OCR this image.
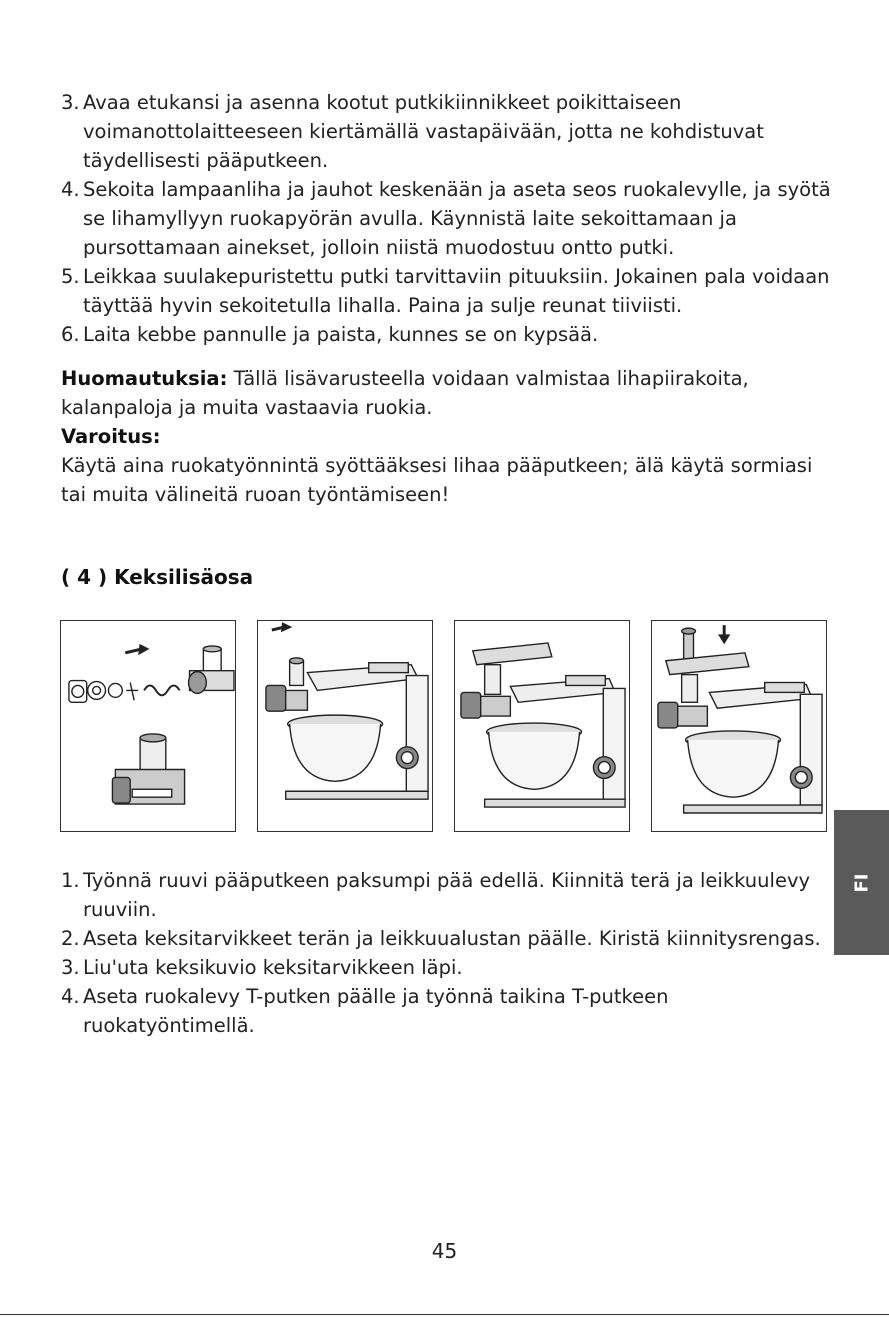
3. Avaa etukansi ja asenna kootut putkikiinnikkeet poikittaiseen voimanottolaitteeseen kiertämällä vastapäivään, jotta ne kohdistuvat täydellisesti pääputkeen.
4. Sekoita lampaanliha ja jauhot keskenään ja aseta seos ruokalevylle, ja syötä se lihamyllyyn ruokapyörän avulla. Käynnistä laite sekoittamaan ja pursottamaan ainekset, jolloin niistä muodostuu ontto putki.
5. Leikkaa suulakepuristettu putki tarvittaviin pituuksiin. Jokainen pala voidaan täyttää hyvin sekoitetulla lihalla. Paina ja sulje reunat tiiviisti.
6. Laita kebbe pannulle ja paista, kunnes se on kypsää.
Huomautuksia: Tällä lisävarusteella voidaan valmistaa lihapiirakoita, kalanpaloja ja muita vastaavia ruokia.
Varoitus:
Käytä aina ruokatyönnintä syöttääksesi lihaa pääputkeen; älä käytä sormiasi tai muita välineitä ruoan työntämiseen!
( 4 ) Keksilisäosa
1. Työnnä ruuvi pääputkeen paksumpi pää edellä. Kiinnitä terä ja leikkuulevy ruuviin.
2. Aseta keksitarvikkeet terän ja leikkuualustan päälle. Kiristä kiinnitysrengas.
3. Liu'uta keksikuvio keksitarvikkeen läpi.
4. Aseta ruokalevy T-putken päälle ja työnnä taikina T-putkeen ruokatyöntimellä.
FI
45
